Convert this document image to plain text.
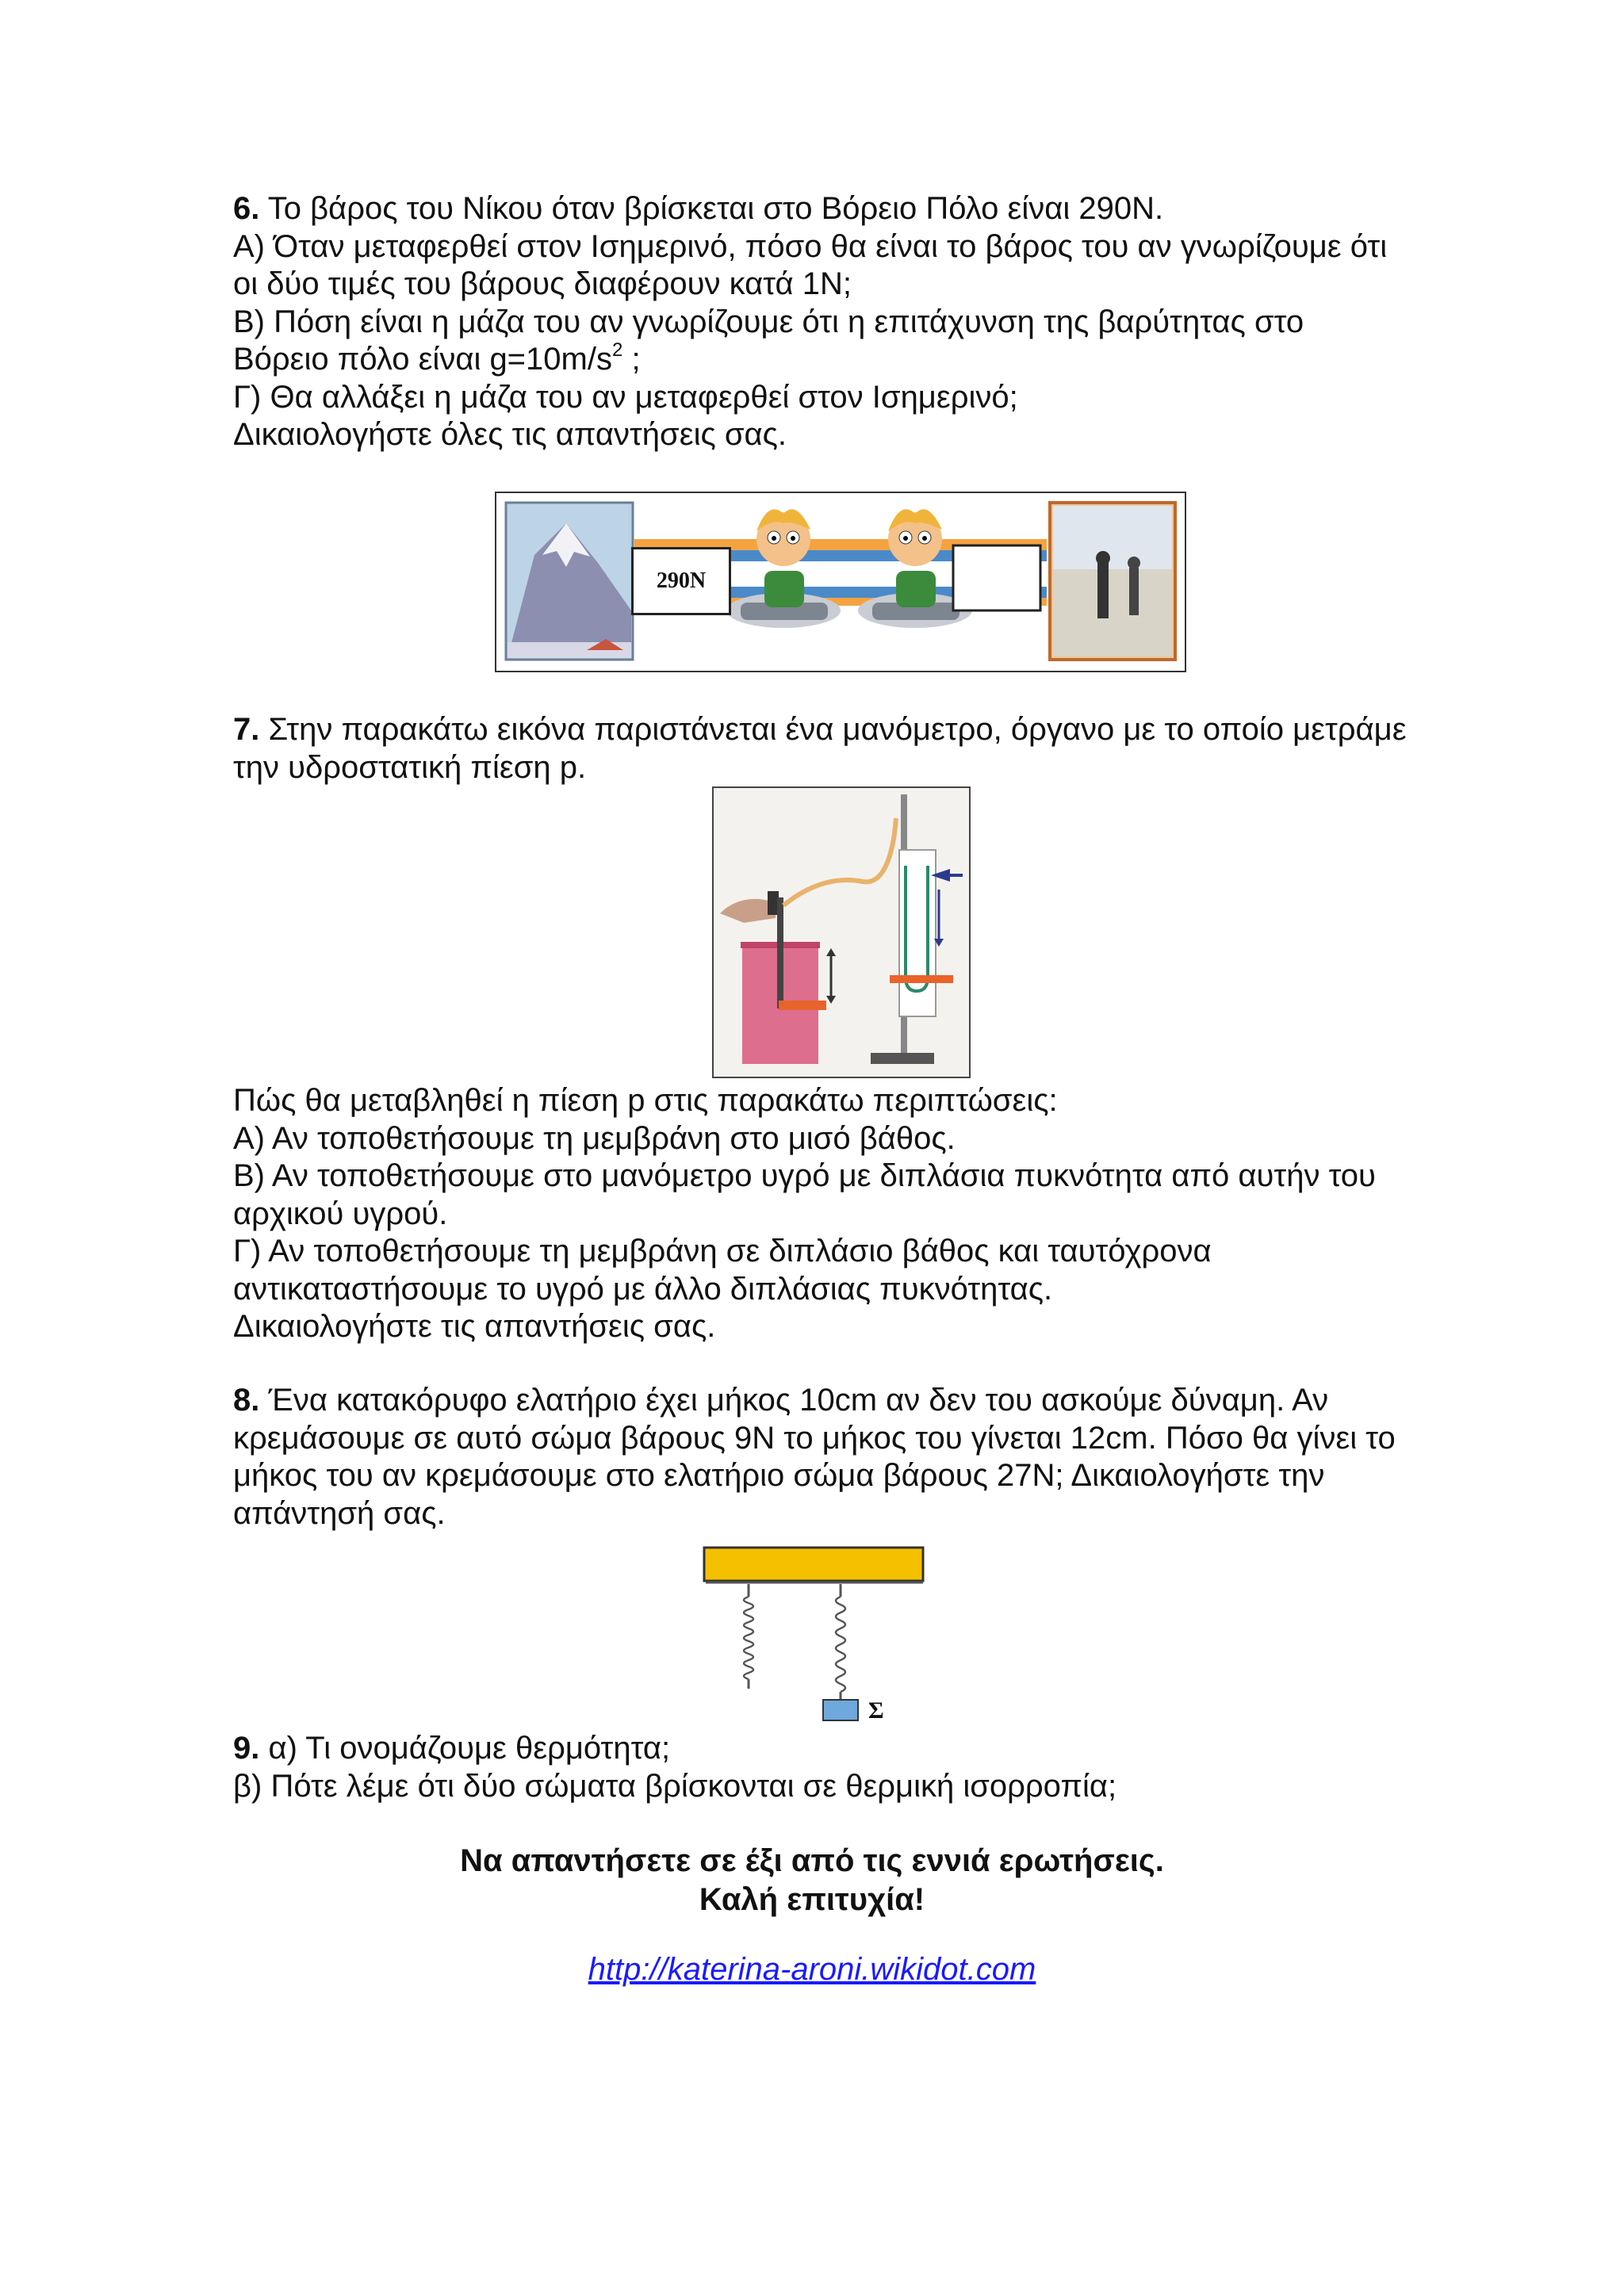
6. Το βάρος του Νίκου όταν βρίσκεται στο Βόρειο Πόλο είναι 290Ν.
Α) Όταν μεταφερθεί στον Ισημερινό, πόσο θα είναι το βάρος του αν γνωρίζουμε ότι
οι δύο τιμές του βάρους διαφέρουν κατά 1Ν;
Β) Πόση είναι η μάζα του αν γνωρίζουμε ότι η επιτάχυνση της βαρύτητας στο
Βόρειο πόλο είναι $g=10m/s^2$ ;
Γ) Θα αλλάξει η μάζα του αν μεταφερθεί στον Ισημερινό;
Δικαιολογήστε όλες τις απαντήσεις σας.
290N
7. Στην παρακάτω εικόνα παριστάνεται ένα μανόμετρο, όργανο με το οποίο μετράμε
την υδροστατική πίεση p.
Πώς θα μεταβληθεί η πίεση p στις παρακάτω περιπτώσεις:
Α) Αν τοποθετήσουμε τη μεμβράνη στο μισό βάθος.
Β) Αν τοποθετήσουμε στο μανόμετρο υγρό με διπλάσια πυκνότητα από αυτήν του
αρχικού υγρού.
Γ) Αν τοποθετήσουμε τη μεμβράνη σε διπλάσιο βάθος και ταυτόχρονα
αντικαταστήσουμε το υγρό με άλλο διπλάσιας πυκνότητας.
Δικαιολογήστε τις απαντήσεις σας.
8. Ένα κατακόρυφο ελατήριο έχει μήκος 10cm αν δεν του ασκούμε δύναμη. Αν
κρεμάσουμε σε αυτό σώμα βάρους 9Ν το μήκος του γίνεται 12cm. Πόσο θα γίνει το
μήκος του αν κρεμάσουμε στο ελατήριο σώμα βάρους 27Ν; Δικαιολογήστε την
απάντησή σας.
Σ
9. α) Τι ονομάζουμε θερμότητα;
β) Πότε λέμε ότι δύο σώματα βρίσκονται σε θερμική ισορροπία;
Να απαντήσετε σε έξι από τις εννιά ερωτήσεις.
Καλή επιτυχία!
http://katerina-aroni.wikidot.com
